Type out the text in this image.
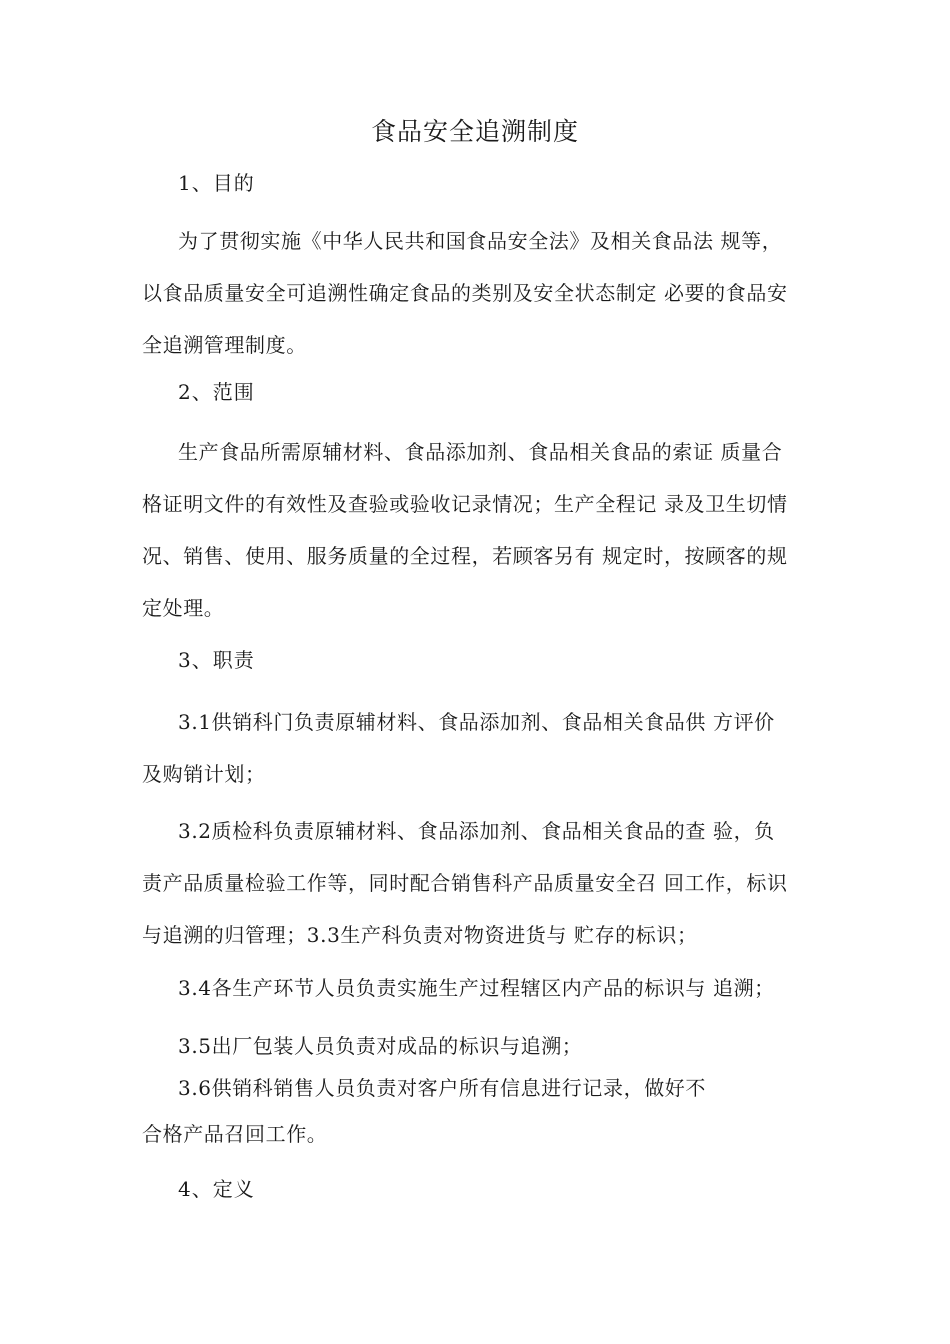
食品安全追溯制度
1、目的
为了贯彻实施《中华人民共和国食品安全法》及相关食品法 规等，
以食品质量安全可追溯性确定食品的类别及安全状态制定 必要的食品安
全追溯管理制度。
2、范围
生产食品所需原辅材料、食品添加剂、食品相关食品的索证 质量合
格证明文件的有效性及查验或验收记录情况；生产全程记 录及卫生切情
况、销售、使用、服务质量的全过程，若顾客另有 规定时，按顾客的规
定处理。
3、职责
3.1供销科门负责原辅材料、食品添加剂、食品相关食品供 方评价
及购销计划；
3.2质检科负责原辅材料、食品添加剂、食品相关食品的查 验，负
责产品质量检验工作等，同时配合销售科产品质量安全召 回工作，标识
与追溯的归管理；3.3生产科负责对物资进货与 贮存的标识；
3.4各生产环节人员负责实施生产过程辖区内产品的标识与 追溯；
3.5出厂包装人员负责对成品的标识与追溯；
3.6供销科销售人员负责对客户所有信息进行记录，做好不
合格产品召回工作。
4、定义
